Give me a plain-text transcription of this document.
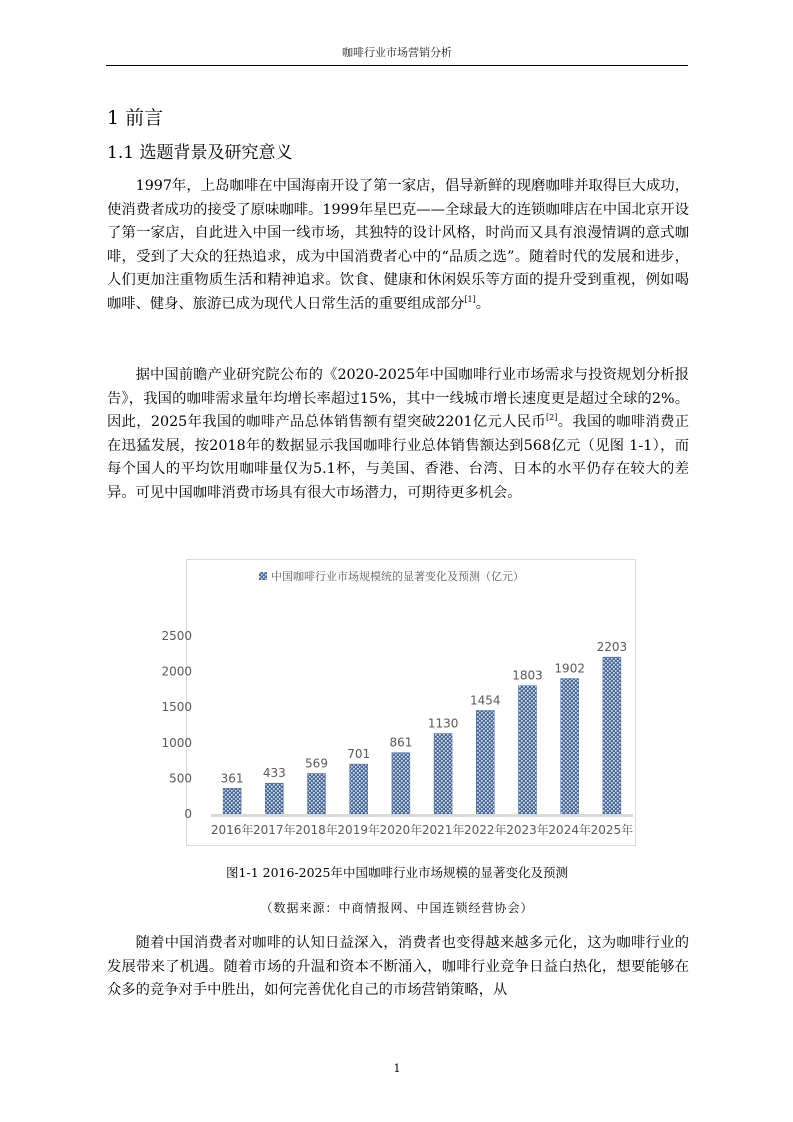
咖啡行业市场营销分析
1 前言
1.1 选题背景及研究意义

1997年，上岛咖啡在中国海南开设了第一家店，倡导新鲜的现磨咖啡并取得巨大成功，使消费者成功的接受了原味咖啡。1999年星巴克——全球最大的连锁咖啡店在中国北京开设了第一家店，自此进入中国一线市场，其独特的设计风格，时尚而又具有浪漫情调的意式咖啡，受到了大众的狂热追求，成为中国消费者心中的“品质之选”。随着时代的发展和进步，人们更加注重物质生活和精神追求。饮食、健康和休闲娱乐等方面的提升受到重视，例如喝咖啡、健身、旅游已成为现代人日常生活的重要组成部分[1]。

据中国前瞻产业研究院公布的《2020-2025年中国咖啡行业市场需求与投资规划分析报告》，我国的咖啡需求量年均增长率超过15%，其中一线城市增长速度更是超过全球的2%。因此，2025年我国的咖啡产品总体销售额有望突破2201亿元人民币[2]。我国的咖啡消费正在迅猛发展，按2018年的数据显示我国咖啡行业总体销售额达到568亿元（见图 1-1），而每个国人的平均饮用咖啡量仅为5.1杯，与美国、香港、台湾、日本的水平仍存在较大的差异。可见中国咖啡消费市场具有很大市场潜力，可期待更多机会。

中国咖啡行业市场规模统的显著变化及预测（亿元）
0
500
1000
1500
2000
2500
361 433
569
701
861
1130
1454
1803
1902
2203
2016年 2017年 2018年 2019年 2020年 2021年 2022年 2023年 2024年 2025年
图1-1 2016-2025年中国咖啡行业市场规模的显著变化及预测
（数据来源：中商情报网、中国连锁经营协会）

随着中国消费者对咖啡的认知日益深入，消费者也变得越来越多元化，这为咖啡行业的发展带来了机遇。随着市场的升温和资本不断涌入，咖啡行业竞争日益白热化，想要能够在众多的竞争对手中胜出，如何完善优化自己的市场营销策略，从

1
